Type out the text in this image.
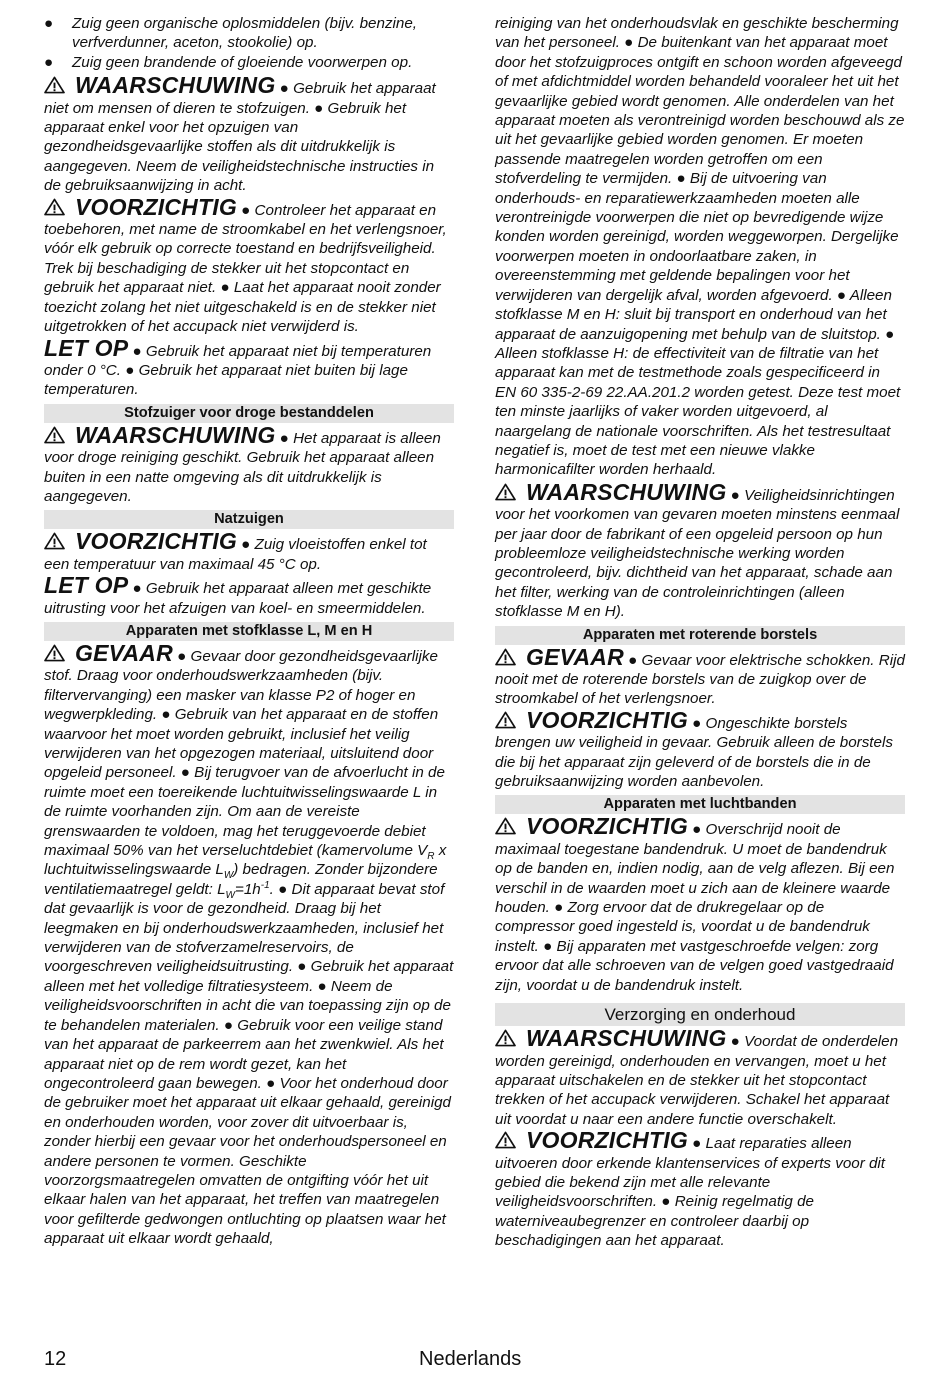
● Zuig geen organische oplosmiddelen (bijv. benzine, verfverdunner, aceton, stookolie) op.
● Zuig geen brandende of gloeiende voorwerpen op.

WAARSCHUWING ● Gebruik het apparaat niet om mensen of dieren te stofzuigen. ● Gebruik het apparaat enkel voor het opzuigen van gezondheidsgevaarlijke stoffen als dit uitdrukkelijk is aangegeven. Neem de veiligheidstechnische instructies in de gebruiksaanwijzing in acht.

VOORZICHTIG ● Controleer het apparaat en toebehoren, met name de stroomkabel en het verlengsnoer, vóór elk gebruik op correcte toestand en bedrijfsveiligheid. Trek bij beschadiging de stekker uit het stopcontact en gebruik het apparaat niet. ● Laat het apparaat nooit zonder toezicht zolang het niet uitgeschakeld is en de stekker niet uitgetrokken of het accupack niet verwijderd is.

LET OP ● Gebruik het apparaat niet bij temperaturen onder 0 °C. ● Gebruik het apparaat niet buiten bij lage temperaturen.

Stofzuiger voor droge bestanddelen

WAARSCHUWING ● Het apparaat is alleen voor droge reiniging geschikt. Gebruik het apparaat alleen buiten in een natte omgeving als dit uitdrukkelijk is aangegeven.

Natzuigen

VOORZICHTIG ● Zuig vloeistoffen enkel tot een temperatuur van maximaal 45 °C op.

LET OP ● Gebruik het apparaat alleen met geschikte uitrusting voor het afzuigen van koel- en smeermiddelen.

Apparaten met stofklasse L, M en H

GEVAAR ● Gevaar door gezondheidsgevaarlijke stof. Draag voor onderhoudswerkzaamheden (bijv. filtervervanging) een masker van klasse P2 of hoger en wegwerpkleding. ● Gebruik van het apparaat en de stoffen waarvoor het moet worden gebruikt, inclusief het veilig verwijderen van het opgezogen materiaal, uitsluitend door opgeleid personeel. ● Bij terugvoer van de afvoerlucht in de ruimte moet een toereikende luchtuitwisselingswaarde L in de ruimte voorhanden zijn. Om aan de vereiste grenswaarden te voldoen, mag het teruggevoerde debiet maximaal 50% van het verseluchtdebiet (kamervolume $V_R$ x luchtuitwisselingswaarde $L_W$) bedragen. Zonder bijzondere ventilatiemaatregel geldt: $L_W=1h^{-1}$. ● Dit apparaat bevat stof dat gevaarlijk is voor de gezondheid. Draag bij het leegmaken en bij onderhoudswerkzaamheden, inclusief het verwijderen van de stofverzamelreservoirs, de voorgeschreven veiligheidsuitrusting. ● Gebruik het apparaat alleen met het volledige filtratiesysteem. ● Neem de veiligheidsvoorschriften in acht die van toepassing zijn op de te behandelen materialen. ● Gebruik voor een veilige stand van het apparaat de parkeerrem aan het zwenkwiel. Als het apparaat niet op de rem wordt gezet, kan het ongecontroleerd gaan bewegen. ● Voor het onderhoud door de gebruiker moet het apparaat uit elkaar gehaald, gereinigd en onderhouden worden, voor zover dit uitvoerbaar is, zonder hierbij een gevaar voor het onderhoudspersoneel en andere personen te vormen. Geschikte voorzorgsmaatregelen omvatten de ontgifting vóór het uit elkaar halen van het apparaat, het treffen van maatregelen voor gefilterde gedwongen ontluchting op plaatsen waar het apparaat uit elkaar wordt gehaald,

reiniging van het onderhoudsvlak en geschikte bescherming van het personeel. ● De buitenkant van het apparaat moet door het stofzuigproces ontgift en schoon worden afgeveegd of met afdichtmiddel worden behandeld vooraleer het uit het gevaarlijke gebied wordt genomen. Alle onderdelen van het apparaat moeten als verontreinigd worden beschouwd als ze uit het gevaarlijke gebied worden genomen. Er moeten passende maatregelen worden getroffen om een stofverdeling te vermijden. ● Bij de uitvoering van onderhouds- en reparatiewerkzaamheden moeten alle verontreinigde voorwerpen die niet op bevredigende wijze konden worden gereinigd, worden weggeworpen. Dergelijke voorwerpen moeten in ondoorlaatbare zaken, in overeenstemming met geldende bepalingen voor het verwijderen van dergelijk afval, worden afgevoerd. ● Alleen stofklasse M en H: sluit bij transport en onderhoud van het apparaat de aanzuigopening met behulp van de sluitstop. ● Alleen stofklasse H: de effectiviteit van de filtratie van het apparaat kan met de testmethode zoals gespecificeerd in EN 60 335-2-69 22.AA.201.2 worden getest. Deze test moet ten minste jaarlijks of vaker worden uitgevoerd, al naargelang de nationale voorschriften. Als het testresultaat negatief is, moet de test met een nieuwe vlakke harmonicafilter worden herhaald.

WAARSCHUWING ● Veiligheidsinrichtingen voor het voorkomen van gevaren moeten minstens eenmaal per jaar door de fabrikant of een opgeleid persoon op hun probleemloze veiligheidstechnische werking worden gecontroleerd, bijv. dichtheid van het apparaat, schade aan het filter, werking van de controleinrichtingen (alleen stofklasse M en H).

Apparaten met roterende borstels

GEVAAR ● Gevaar voor elektrische schokken. Rijd nooit met de roterende borstels van de zuigkop over de stroomkabel of het verlengsnoer.

VOORZICHTIG ● Ongeschikte borstels brengen uw veiligheid in gevaar. Gebruik alleen de borstels die bij het apparaat zijn geleverd of de borstels die in de gebruiksaanwijzing worden aanbevolen.

Apparaten met luchtbanden

VOORZICHTIG ● Overschrijd nooit de maximaal toegestane bandendruk. U moet de bandendruk op de banden en, indien nodig, aan de velg aflezen. Bij een verschil in de waarden moet u zich aan de kleinere waarde houden. ● Zorg ervoor dat de drukregelaar op de compressor goed ingesteld is, voordat u de bandendruk instelt. ● Bij apparaten met vastgeschroefde velgen: zorg ervoor dat alle schroeven van de velgen goed vastgedraaid zijn, voordat u de bandendruk instelt.

Verzorging en onderhoud

WAARSCHUWING ● Voordat de onderdelen worden gereinigd, onderhouden en vervangen, moet u het apparaat uitschakelen en de stekker uit het stopcontact trekken of het accupack verwijderen. Schakel het apparaat uit voordat u naar een andere functie overschakelt.

VOORZICHTIG ● Laat reparaties alleen uitvoeren door erkende klantenservices of experts voor dit gebied die bekend zijn met alle relevante veiligheidsvoorschriften. ● Reinig regelmatig de waterniveaubegrenzer en controleer daarbij op beschadigingen aan het apparaat.

12	Nederlands
